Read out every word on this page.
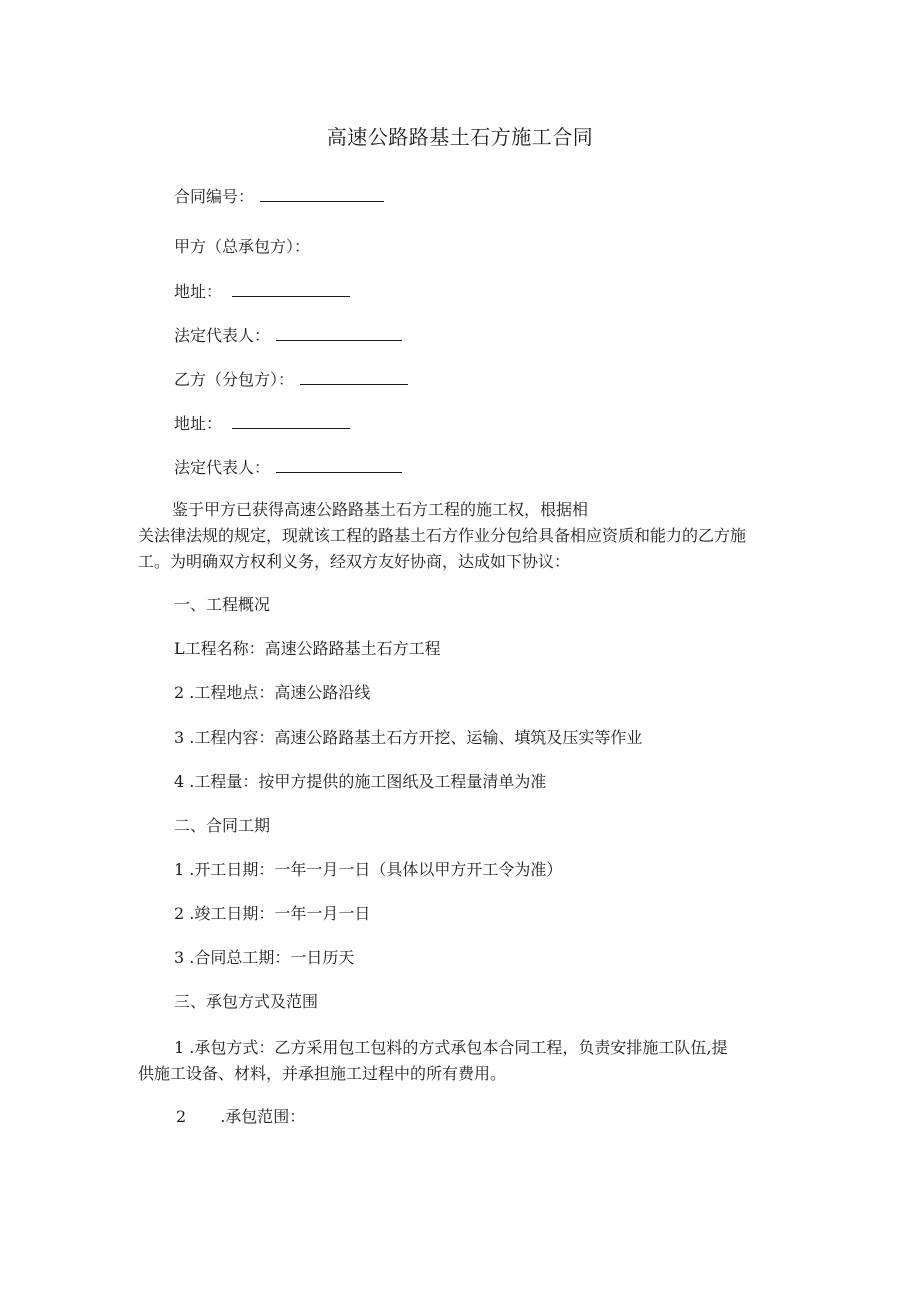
高速公路路基土石方施工合同
合同编号：
甲方（总承包方）：
地址：
法定代表人：
乙方（分包方）：
地址：
法定代表人：
鉴于甲方已获得高速公路路基土石方工程的施工权，根据相
关法律法规的规定，现就该工程的路基土石方作业分包给具备相应资质和能力的乙方施
工。为明确双方权利义务，经双方友好协商，达成如下协议：
一、工程概况
L工程名称：高速公路路基土石方工程
2 .工程地点：高速公路沿线
3 .工程内容：高速公路路基土石方开挖、运输、填筑及压实等作业
4 .工程量：按甲方提供的施工图纸及工程量清单为准
二、合同工期
1 .开工日期：一年一月一日（具体以甲方开工令为准）
2 .竣工日期：一年一月一日
3 .合同总工期：一日历天
三、承包方式及范围
1 .承包方式：乙方采用包工包料的方式承包本合同工程，负责安排施工队伍,提
供施工设备、材料，并承担施工过程中的所有费用。
2 .承包范围：
